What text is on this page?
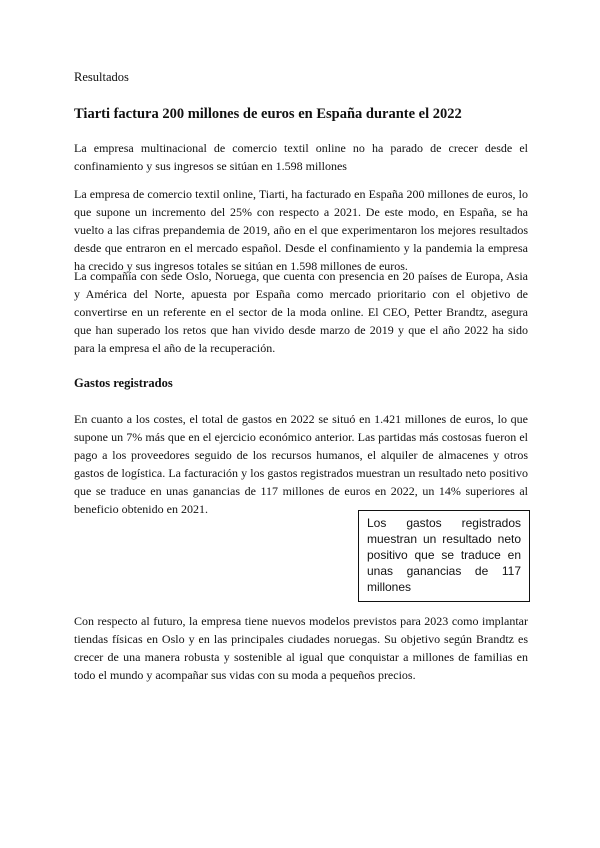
Resultados
Tiarti factura 200 millones de euros en España durante el 2022

La empresa multinacional de comercio textil online no ha parado de crecer desde el confinamiento y sus ingresos se sitúan en 1.598 millones

La empresa de comercio textil online, Tiarti, ha facturado en España 200 millones de euros, lo que supone un incremento del 25% con respecto a 2021. De este modo, en España, se ha vuelto a las cifras prepandemia de 2019, año en el que experimentaron los mejores resultados desde que entraron en el mercado español. Desde el confinamiento y la pandemia la empresa ha crecido y sus ingresos totales se sitúan en 1.598 millones de euros.

La compañía con sede Oslo, Noruega, que cuenta con presencia en 20 países de Europa, Asia y América del Norte, apuesta por España como mercado prioritario con el objetivo de convertirse en un referente en el sector de la moda online. El CEO, Petter Brandtz, asegura que han superado los retos que han vivido desde marzo de 2019 y que el año 2022 ha sido para la empresa el año de la recuperación.

Gastos registrados

En cuanto a los costes, el total de gastos en 2022 se situó en 1.421 millones de euros, lo que supone un 7% más que en el ejercicio económico anterior. Las partidas más costosas fueron el pago a los proveedores seguido de los recursos humanos, el alquiler de almacenes y otros gastos de logística. La facturación y los gastos registrados muestran un resultado neto positivo que se traduce en unas ganancias de 117 millones de euros en 2022, un 14% superiores al beneficio obtenido en 2021.

Los gastos registrados muestran un resultado neto positivo que se traduce en unas ganancias de 117 millones

Con respecto al futuro, la empresa tiene nuevos modelos previstos para 2023 como implantar tiendas físicas en Oslo y en las principales ciudades noruegas. Su objetivo según Brandtz es crecer de una manera robusta y sostenible al igual que conquistar a millones de familias en todo el mundo y acompañar sus vidas con su moda a pequeños precios.
